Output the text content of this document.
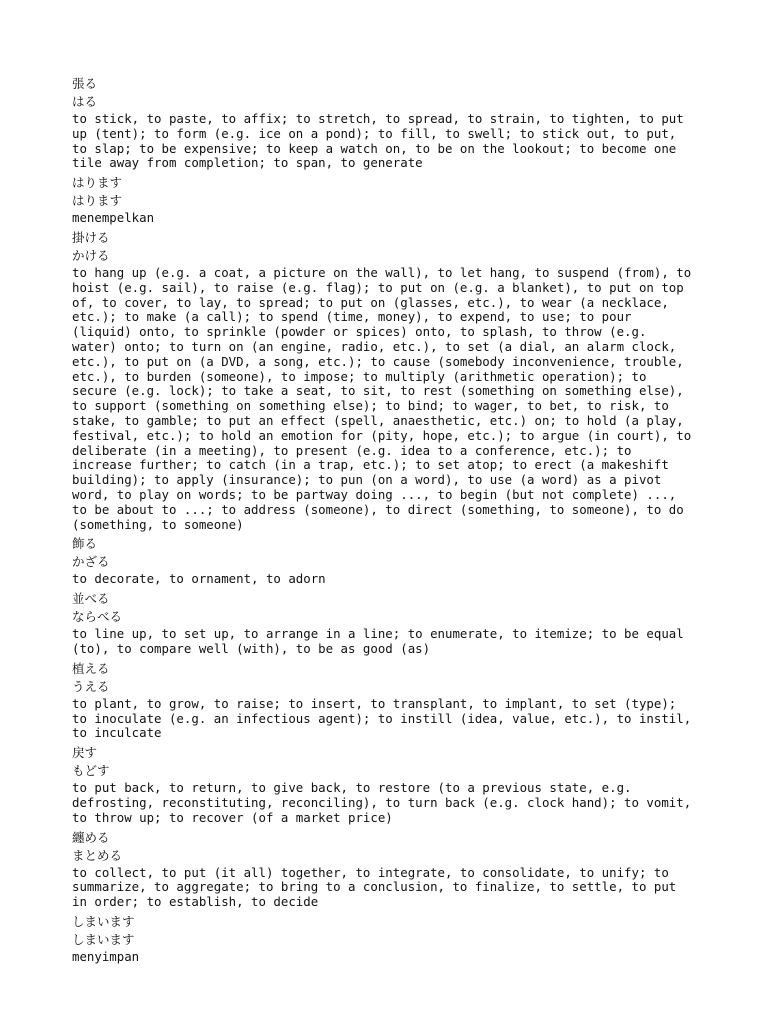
張る
はる
to stick, to paste, to affix; to stretch, to spread, to strain, to tighten, to put
up (tent); to form (e.g. ice on a pond); to fill, to swell; to stick out, to put,
to slap; to be expensive; to keep a watch on, to be on the lookout; to become one
tile away from completion; to span, to generate
はります
はります
menempelkan
掛ける
かける
to hang up (e.g. a coat, a picture on the wall), to let hang, to suspend (from), to
hoist (e.g. sail), to raise (e.g. flag); to put on (e.g. a blanket), to put on top
of, to cover, to lay, to spread; to put on (glasses, etc.), to wear (a necklace,
etc.); to make (a call); to spend (time, money), to expend, to use; to pour
(liquid) onto, to sprinkle (powder or spices) onto, to splash, to throw (e.g.
water) onto; to turn on (an engine, radio, etc.), to set (a dial, an alarm clock,
etc.), to put on (a DVD, a song, etc.); to cause (somebody inconvenience, trouble,
etc.), to burden (someone), to impose; to multiply (arithmetic operation); to
secure (e.g. lock); to take a seat, to sit, to rest (something on something else),
to support (something on something else); to bind; to wager, to bet, to risk, to
stake, to gamble; to put an effect (spell, anaesthetic, etc.) on; to hold (a play,
festival, etc.); to hold an emotion for (pity, hope, etc.); to argue (in court), to
deliberate (in a meeting), to present (e.g. idea to a conference, etc.); to
increase further; to catch (in a trap, etc.); to set atop; to erect (a makeshift
building); to apply (insurance); to pun (on a word), to use (a word) as a pivot
word, to play on words; to be partway doing ..., to begin (but not complete) ...,
to be about to ...; to address (someone), to direct (something, to someone), to do
(something, to someone)
飾る
かざる
to decorate, to ornament, to adorn
並べる
ならべる
to line up, to set up, to arrange in a line; to enumerate, to itemize; to be equal
(to), to compare well (with), to be as good (as)
植える
うえる
to plant, to grow, to raise; to insert, to transplant, to implant, to set (type);
to inoculate (e.g. an infectious agent); to instill (idea, value, etc.), to instil,
to inculcate
戻す
もどす
to put back, to return, to give back, to restore (to a previous state, e.g.
defrosting, reconstituting, reconciling), to turn back (e.g. clock hand); to vomit,
to throw up; to recover (of a market price)
纏める
まとめる
to collect, to put (it all) together, to integrate, to consolidate, to unify; to
summarize, to aggregate; to bring to a conclusion, to finalize, to settle, to put
in order; to establish, to decide
しまいます
しまいます
menyimpan
